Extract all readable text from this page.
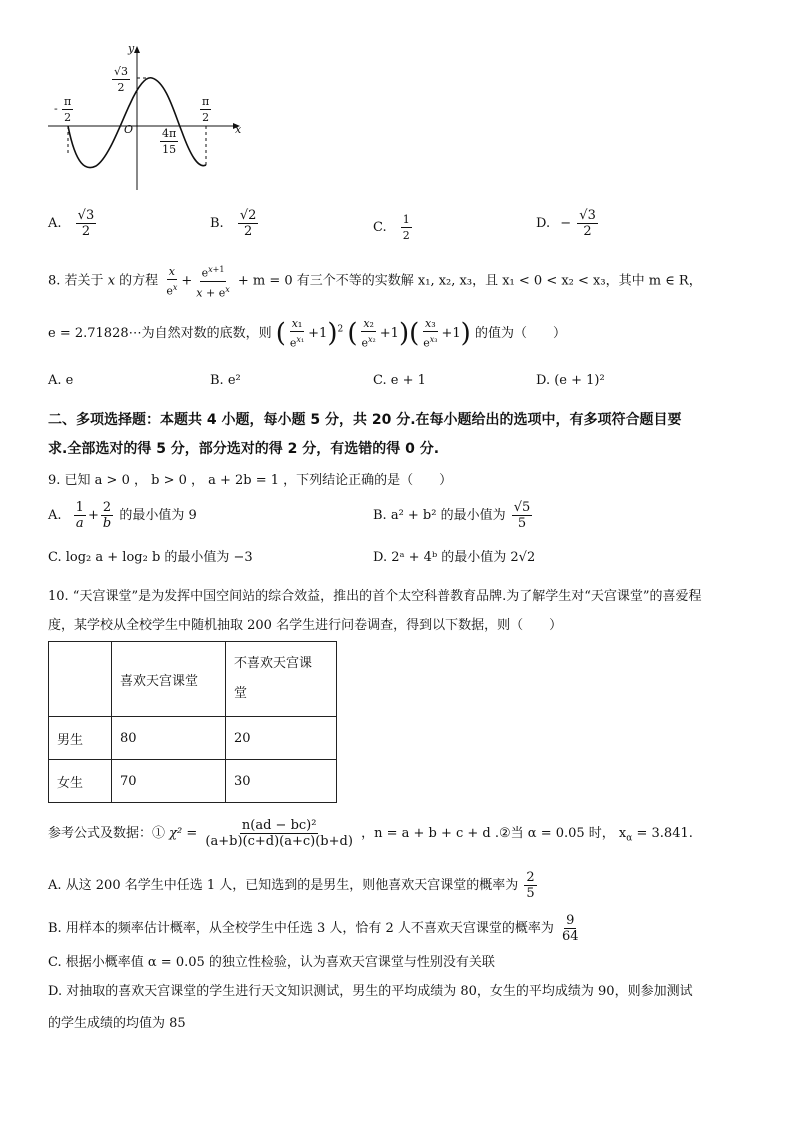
y
x
O
$\frac{√3}{2}$
- $\frac{\pi}{2}$	$\frac{\pi}{2}$
$\frac{4\pi}{15}$
A. $\frac{√3}{2}$	B. $\frac{√2}{2}$	C. $\frac{1}{2}$	D. − $\frac{√3}{2}$
8. 若关于 x 的方程 $\frac{x}{e^x} + \frac{e^{x+1}}{x + e^x} + m = 0$ 有三个不等的实数解 x₁, x₂, x₃，且 x₁ < 0 < x₂ < x₃，其中 m ∈ R，
e = 2.71828⋯为自然对数的底数，则 ( $\frac{\text{x₁}}{e^{x_1}} +1)^2$ ( $\frac{\text{x₂}}{e^{x_2}} +1)( \frac{\text{x₃}}{e^{x_3}} +1)$ 的值为（　　）
A. e	B. e²	C. e + 1	D. (e + 1)²
二、多项选择题：本题共 4 小题，每小题 5 分，共 20 分.在每小题给出的选项中，有多项符合题目要
求.全部选对的得 5 分，部分选对的得 2 分，有选错的得 0 分.
9. 已知 a > 0 ， b > 0 ， a + 2b = 1 ，下列结论正确的是（　　）
A. $\frac{1}{a} + \frac{2}{b}$ 的最小值为 9	B. a² + b² 的最小值为 $\frac{√5}{5}$
C. log₂ a + log₂ b 的最小值为 −3	D. 2ᵃ + 4ᵇ 的最小值为 2√2
10. “天宫课堂”是为发挥中国空间站的综合效益，推出的首个太空科普教育品牌.为了解学生对“天宫课堂”的喜爱程
度，某学校从全校学生中随机抽取 200 名学生进行问卷调查，得到以下数据，则（　　）
	喜欢天宫课堂	不喜欢天宫课
堂
男生	80	20
女生	70	30
参考公式及数据：① $\chi^2 = \frac{\text{n(ad − bc)²}}{(a+b)(c+d)(a+c)(b+d)}$ ，n = a + b + c + d .②当 α = 0.05 时， $x_\alpha = 3.841$.
A. 从这 200 名学生中任选 1 人，已知选到的是男生，则他喜欢天宫课堂的概率为 $\frac{2}{5}$
B. 用样本的频率估计概率，从全校学生中任选 3 人，恰有 2 人不喜欢天宫课堂的概率为 $\frac{9}{64}$
C. 根据小概率值 α = 0.05 的独立性检验，认为喜欢天宫课堂与性别没有关联
D. 对抽取的喜欢天宫课堂的学生进行天文知识测试，男生的平均成绩为 80，女生的平均成绩为 90，则参加测试
的学生成绩的均值为 85
